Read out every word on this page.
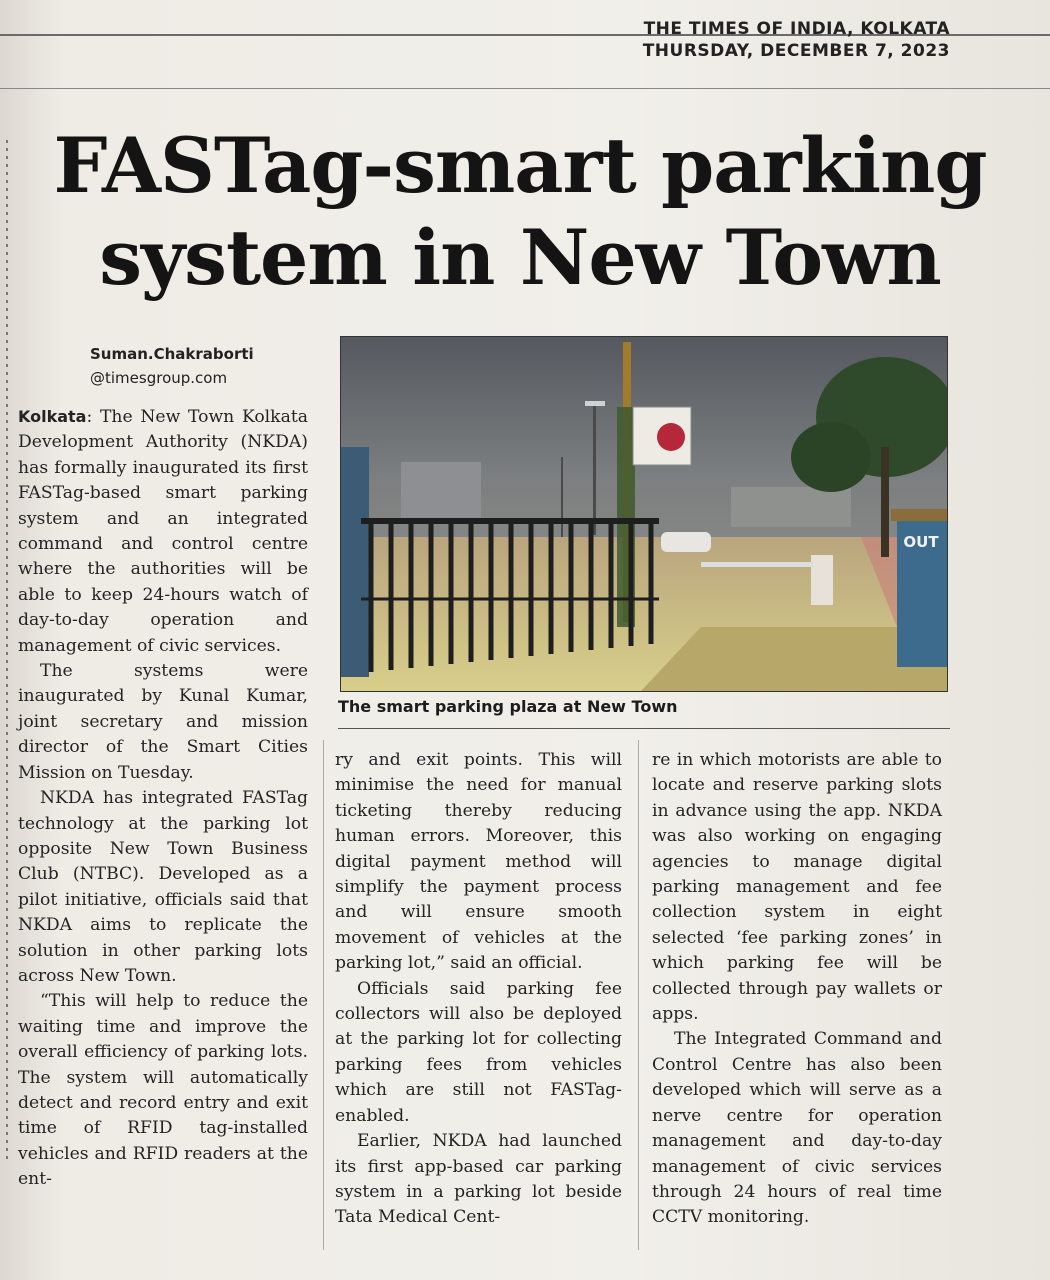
THE TIMES OF INDIA, KOLKATA
THURSDAY, DECEMBER 7, 2023
FASTag-smart parking
system in New Town
Suman.Chakraborti
@timesgroup.com
OUT
The smart parking plaza at New Town

Kolkata: The New Town Kolkata Development Authority (NKDA) has formally inaugurated its first FASTag-based smart parking system and an integrated command and control centre where the authorities will be able to keep 24-hours watch of day-to-day operation and management of civic services.

The systems were inaugurated by Kunal Kumar, joint secretary and mission director of the Smart Cities Mission on Tuesday.

NKDA has integrated FASTag technology at the parking lot opposite New Town Business Club (NTBC). Developed as a pilot initiative, officials said that NKDA aims to replicate the solution in other parking lots across New Town.

“This will help to reduce the waiting time and improve the overall efficiency of parking lots. The system will automatically detect and record entry and exit time of RFID tag-installed vehicles and RFID readers at the ent-

ry and exit points. This will minimise the need for manual ticketing thereby reducing human errors. Moreover, this digital payment method will simplify the payment process and will ensure smooth movement of vehicles at the parking lot,” said an official.

Officials said parking fee collectors will also be deployed at the parking lot for collecting parking fees from vehicles which are still not FASTag-enabled.

Earlier, NKDA had launched its first app-based car parking system in a parking lot beside Tata Medical Cent-

re in which motorists are able to locate and reserve parking slots in advance using the app. NKDA was also working on engaging agencies to manage digital parking management and fee collection system in eight selected ‘fee parking zones’ in which parking fee will be collected through pay wallets or apps.

The Integrated Command and Control Centre has also been developed which will serve as a nerve centre for operation management and day-to-day management of civic services through 24 hours of real time CCTV monitoring.
